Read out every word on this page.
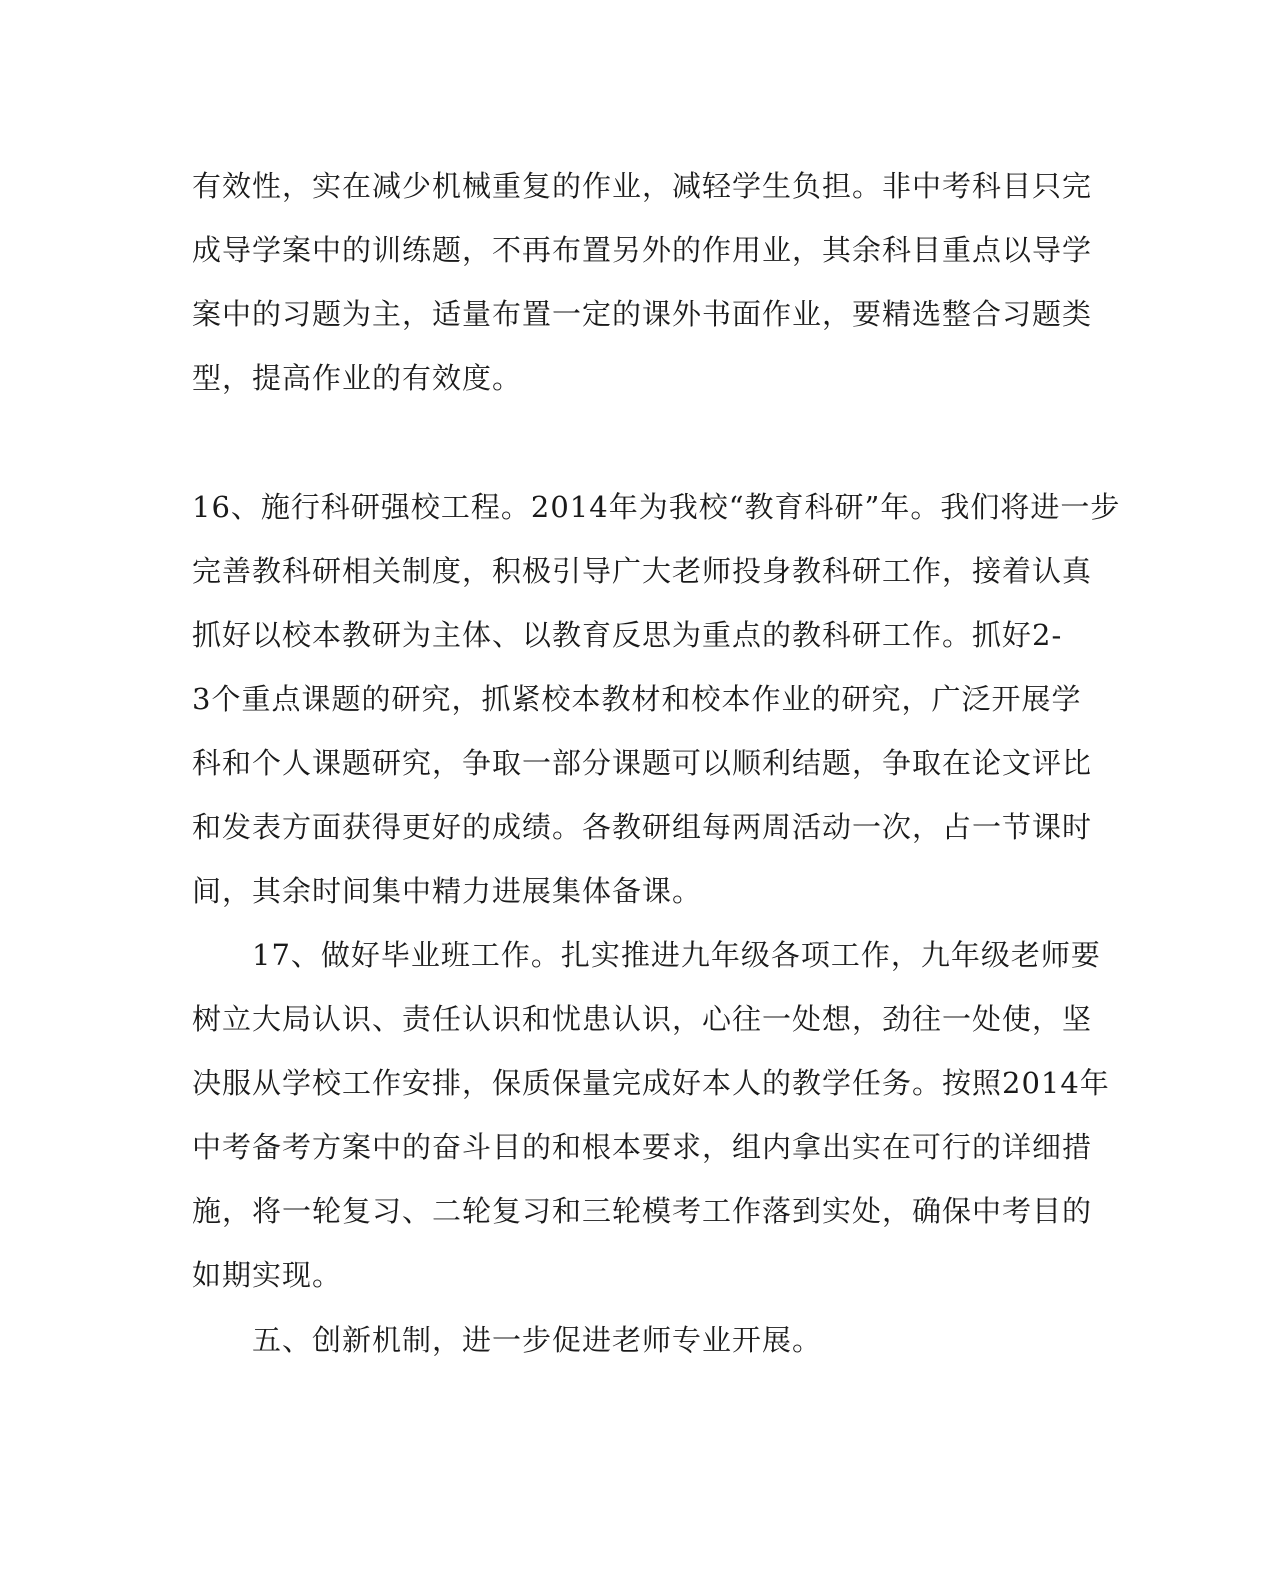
有效性，实在减少机械重复的作业，减轻学生负担。非中考科目只完
成导学案中的训练题，不再布置另外的作用业，其余科目重点以导学
案中的习题为主，适量布置一定的课外书面作业，要精选整合习题类
型，提高作业的有效度。
16、施行科研强校工程。2014年为我校“教育科研”年。我们将进一步
完善教科研相关制度，积极引导广大老师投身教科研工作，接着认真
抓好以校本教研为主体、以教育反思为重点的教科研工作。抓好2-
3个重点课题的研究，抓紧校本教材和校本作业的研究，广泛开展学
科和个人课题研究，争取一部分课题可以顺利结题，争取在论文评比
和发表方面获得更好的成绩。各教研组每两周活动一次，占一节课时
间，其余时间集中精力进展集体备课。
　　17、做好毕业班工作。扎实推进九年级各项工作，九年级老师要
树立大局认识、责任认识和忧患认识，心往一处想，劲往一处使，坚
决服从学校工作安排，保质保量完成好本人的教学任务。按照2014年
中考备考方案中的奋斗目的和根本要求，组内拿出实在可行的详细措
施，将一轮复习、二轮复习和三轮模考工作落到实处，确保中考目的
如期实现。
　　五、创新机制，进一步促进老师专业开展。
